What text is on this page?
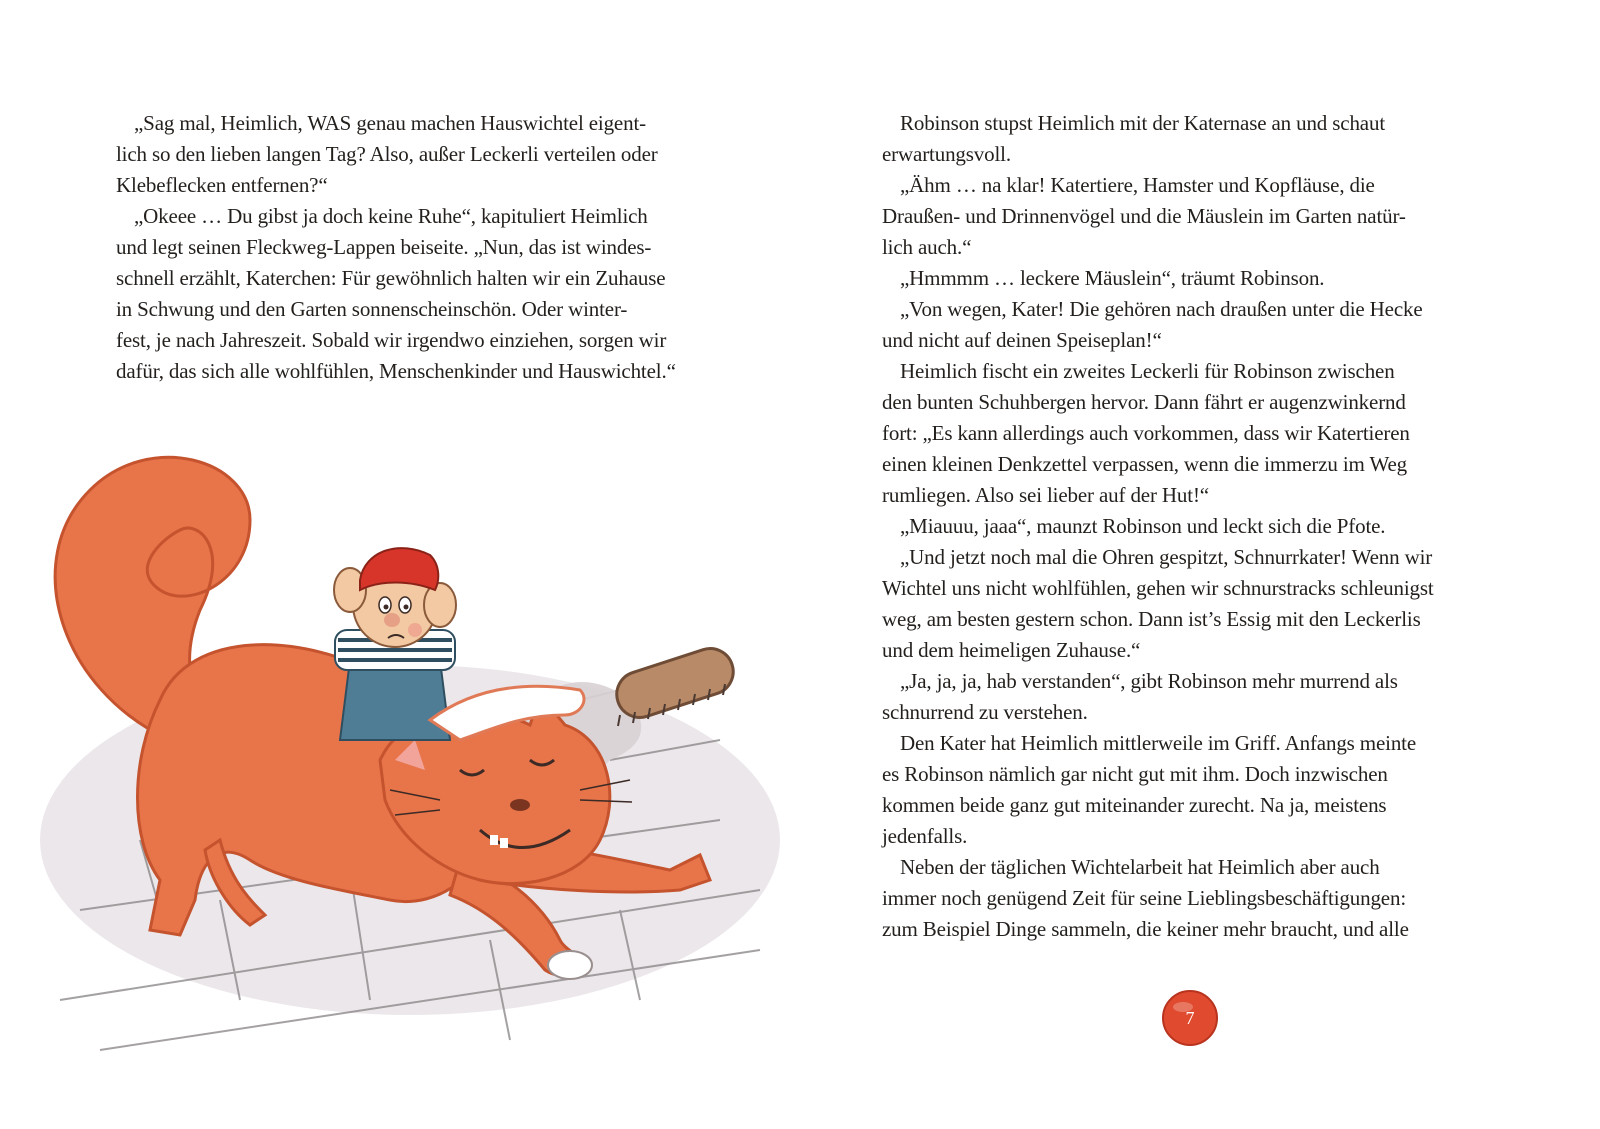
„Sag mal, Heimlich, WAS genau machen Hauswichtel eigent-
lich so den lieben langen Tag? Also, außer Leckerli verteilen oder
Klebeflecken entfernen?“
„Okeee … Du gibst ja doch keine Ruhe“, kapituliert Heimlich
und legt seinen Fleckweg-Lappen beiseite. „Nun, das ist windes-
schnell erzählt, Katerchen: Für gewöhnlich halten wir ein Zuhause
in Schwung und den Garten sonnenscheinschön. Oder winter-
fest, je nach Jahreszeit. Sobald wir irgendwo einziehen, sorgen wir
dafür, das sich alle wohlfühlen, Menschenkinder und Hauswichtel.“
Robinson stupst Heimlich mit der Katernase an und schaut
erwartungsvoll.
„Ähm … na klar! Katertiere, Hamster und Kopfläuse, die
Draußen- und Drinnenvögel und die Mäuslein im Garten natür-
lich auch.“
„Hmmmm … leckere Mäuslein“, träumt Robinson.
„Von wegen, Kater! Die gehören nach draußen unter die Hecke
und nicht auf deinen Speiseplan!“
Heimlich fischt ein zweites Leckerli für Robinson zwischen
den bunten Schuhbergen hervor. Dann fährt er augenzwinkernd
fort: „Es kann allerdings auch vorkommen, dass wir Katertieren
einen kleinen Denkzettel verpassen, wenn die immerzu im Weg
rumliegen. Also sei lieber auf der Hut!“
„Miauuu, jaaa“, maunzt Robinson und leckt sich die Pfote.
„Und jetzt noch mal die Ohren gespitzt, Schnurrkater! Wenn wir
Wichtel uns nicht wohlfühlen, gehen wir schnurstracks schleunigst
weg, am besten gestern schon. Dann ist’s Essig mit den Leckerlis
und dem heimeligen Zuhause.“
„Ja, ja, ja, hab verstanden“, gibt Robinson mehr murrend als
schnurrend zu verstehen.
Den Kater hat Heimlich mittlerweile im Griff. Anfangs meinte
es Robinson nämlich gar nicht gut mit ihm. Doch inzwischen
kommen beide ganz gut miteinander zurecht. Na ja, meistens
jedenfalls.
Neben der täglichen Wichtelarbeit hat Heimlich aber auch
immer noch genügend Zeit für seine Lieblingsbeschäftigungen:
zum Beispiel Dinge sammeln, die keiner mehr braucht, und alle
7
